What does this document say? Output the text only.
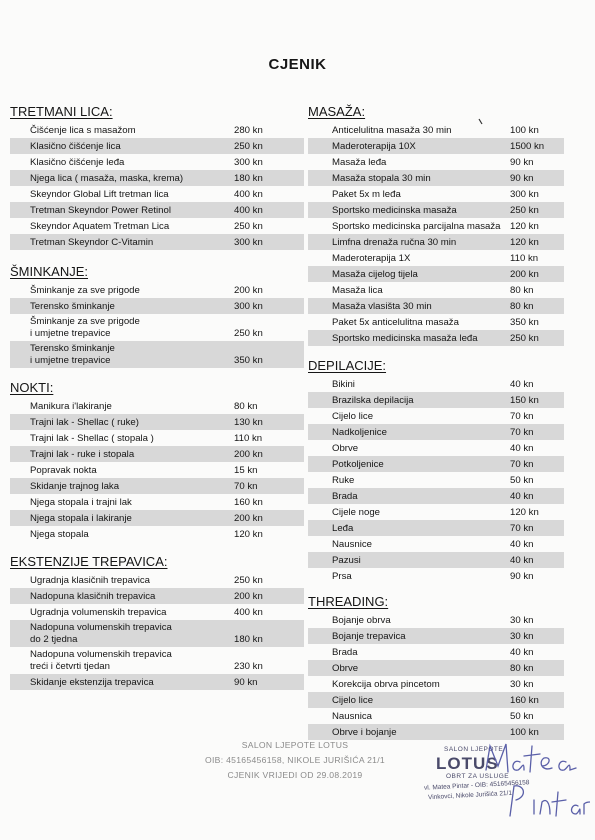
CJENIK
TRETMANI LICA:
Čišćenje lica s masažom	280 kn
Klasično čišćenje lica	250 kn
Klasično čišćenje leđa	300 kn
Njega lica ( masaža, maska, krema)	180 kn
Skeyndor Global Lift tretman lica	400 kn
Tretman Skeyndor Power Retinol	400 kn
Skeyndor Aquatem Tretman Lica	250 kn
Tretman Skeyndor C-Vitamin	300 kn
ŠMINKANJE:
Šminkanje za sve prigode	200 kn
Terensko šminkanje	300 kn
Šminkanje za sve prigode
i umjetne trepavice	250 kn
Terensko šminkanje
i umjetne trepavice	350 kn
NOKTI:
Manikura i'lakiranje	80 kn
Trajni lak - Shellac ( ruke)	130 kn
Trajni lak - Shellac ( stopala )	110 kn
Trajni lak - ruke i stopala	200 kn
Popravak nokta	15 kn
Skidanje trajnog laka	70 kn
Njega stopala i trajni lak	160 kn
Njega stopala i lakiranje	200 kn
Njega stopala	120 kn
EKSTENZIJE TREPAVICA:
Ugradnja klasičnih trepavica	250 kn
Nadopuna klasičnih trepavica	200 kn
Ugradnja volumenskih trepavica	400 kn
Nadopuna volumenskih trepavica
do 2 tjedna	180 kn
Nadopuna volumenskih trepavica
treći i četvrti tjedan	230 kn
Skidanje ekstenzija trepavica	90 kn
MASAŽA:
Anticelulitna masaža 30 min	100 kn
Maderoterapija 10X	1500 kn
Masaža leđa	90 kn
Masaža stopala 30 min	90 kn
Paket 5x m leđa	300 kn
Sportsko medicinska masaža	250 kn
Sportsko medicinska parcijalna masaža 120 kn
Limfna drenaža ručna 30 min	120 kn
Maderoterapija 1X	110 kn
Masaža cijelog tijela	200 kn
Masaža lica	80 kn
Masaža vlasišta 30 min	80 kn
Paket 5x anticelulitna masaža	350 kn
Sportsko medicinska masaža leđa	250 kn
DEPILACIJE:
Bikini	40 kn
Brazilska depilacija	150 kn
Cijelo lice	70 kn
Nadkoljenice	70 kn
Obrve	40 kn
Potkoljenice	70 kn
Ruke	50 kn
Brada	40 kn
Cijele noge	120 kn
Leđa	70 kn
Nausnice	40 kn
Pazusi	40 kn
Prsa	90 kn
THREADING:
Bojanje obrva	30 kn
Bojanje trepavica	30 kn
Brada	40 kn
Obrve	80 kn
Korekcija obrva pincetom	30 kn
Cijelo lice	160 kn
Nausnica	50 kn
Obrve i bojanje	100 kn
SALON LJEPOTE LOTUS
OIB: 45165456158, NIKOLE JURIŠIĆA 21/1
CJENIK VRIJEDI OD 29.08.2019
SALON LJEPOTE
LOTUS
OBRT ZA USLUGE
vl. Matea Pintar - OIB: 45165456158
Vinkovci, Nikole Jurišića 21/1
